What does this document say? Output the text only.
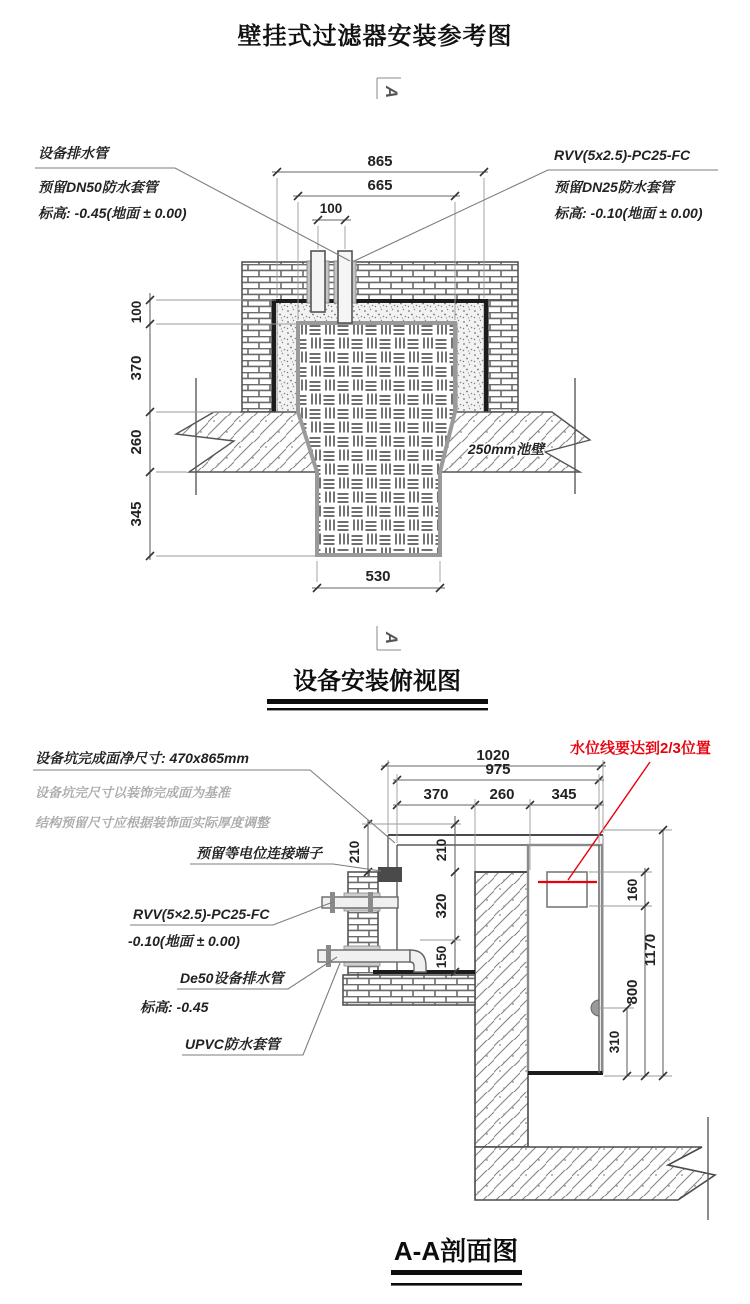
壁挂式过滤器安装参考图
A
250mm池壁
865
665
100
100
370
260
345
530
设备排水管
预留DN50防水套管
标高: -0.45(地面 ± 0.00)
RVV(5x2.5)-PC25-FC
预留DN25防水套管
标高: -0.10(地面 ± 0.00)
A
设备安装俯视图
1020
975
370	260 345
210	210
320
150
160
800
310
1170
设备坑完成面净尺寸: 470x865mm
设备坑完尺寸以装饰完成面为基准
结构预留尺寸应根据装饰面实际厚度调整
水位线要达到2/3位置
预留等电位连接端子
RVV(5×2.5)-PC25-FC
-0.10(地面 ± 0.00)
De50设备排水管
标高: -0.45
UPVC防水套管
A-A剖面图
